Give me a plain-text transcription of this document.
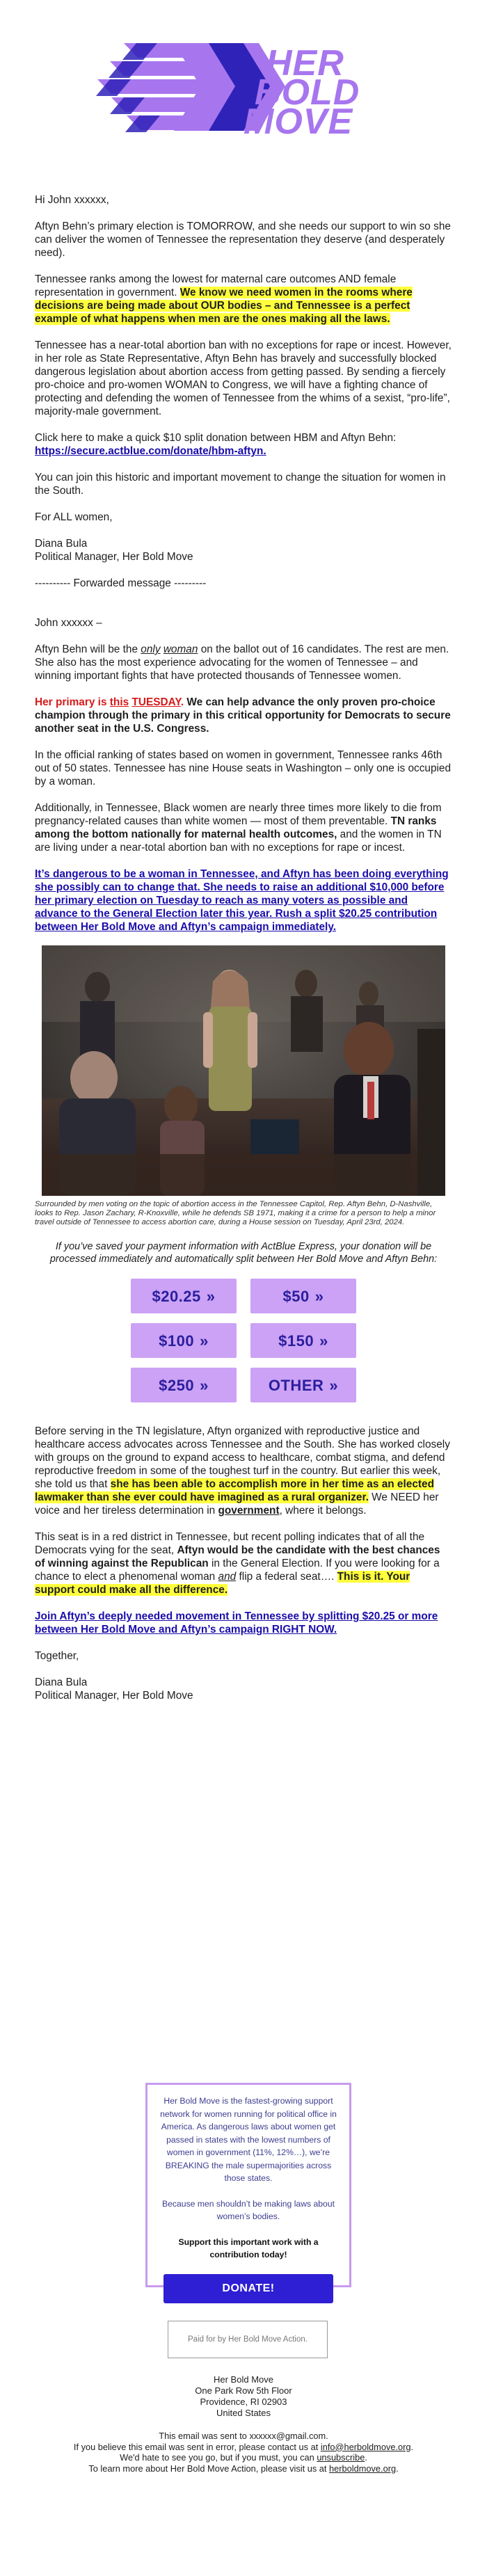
HER
BOLD
MOVE

Hi John xxxxxx,

Aftyn Behn’s primary election is TOMORROW, and she needs our support to win so she can deliver the women of Tennessee the representation they deserve (and desperately need).

Tennessee ranks among the lowest for maternal care outcomes AND female representation in government. We know we need women in the rooms where decisions are being made about OUR bodies – and Tennessee is a perfect example of what happens when men are the ones making all the laws.

Tennessee has a near-total abortion ban with no exceptions for rape or incest. However, in her role as State Representative, Aftyn Behn has bravely and successfully blocked dangerous legislation about abortion access from getting passed. By sending a fiercely pro-choice and pro-women WOMAN to Congress, we will have a fighting chance of protecting and defending the women of Tennessee from the whims of a sexist, “pro-life”, majority-male government.

Click here to make a quick $10 split donation between HBM and Aftyn Behn: https://secure.actblue.com/donate/hbm-aftyn.

You can join this historic and important movement to change the situation for women in the South.

For ALL women,

Diana Bula

Political Manager, Her Bold Move

---------- Forwarded message ---------

John xxxxxx –

Aftyn Behn will be the only woman on the ballot out of 16 candidates. The rest are men. She also has the most experience advocating for the women of Tennessee – and winning important fights that have protected thousands of Tennessee women.

Her primary is this TUESDAY. We can help advance the only proven pro-choice champion through the primary in this critical opportunity for Democrats to secure another seat in the U.S. Congress.

In the official ranking of states based on women in government, Tennessee ranks 46th out of 50 states. Tennessee has nine House seats in Washington – only one is occupied by a woman.

Additionally, in Tennessee, Black women are nearly three times more likely to die from pregnancy-related causes than white women — most of them preventable. TN ranks among the bottom nationally for maternal health outcomes, and the women in TN are living under a near-total abortion ban with no exceptions for rape or incest.

It’s dangerous to be a woman in Tennessee, and Aftyn has been doing everything she possibly can to change that. She needs to raise an additional $10,000 before her primary election on Tuesday to reach as many voters as possible and advance to the General Election later this year. Rush a split $20.25 contribution between Her Bold Move and Aftyn’s campaign immediately.

Surrounded by men voting on the topic of abortion access in the Tennessee Capitol, Rep. Aftyn Behn, D-Nashville, looks to Rep. Jason Zachary, R-Knoxville, while he defends SB 1971, making it a crime for a person to help a minor travel outside of Tennessee to access abortion care, during a House session on Tuesday, April 23rd, 2024.

If you’ve saved your payment information with ActBlue Express, your donation will be processed immediately and automatically split between Her Bold Move and Aftyn Behn:

$20.25 »	$50 »
$100 »	$150 »
$250 »	OTHER »

Before serving in the TN legislature, Aftyn organized with reproductive justice and healthcare access advocates across Tennessee and the South. She has worked closely with groups on the ground to expand access to healthcare, combat stigma, and defend reproductive freedom in some of the toughest turf in the country. But earlier this week, she told us that she has been able to accomplish more in her time as an elected lawmaker than she ever could have imagined as a rural organizer. We NEED her voice and her tireless determination in government, where it belongs.

This seat is in a red district in Tennessee, but recent polling indicates that of all the Democrats vying for the seat, Aftyn would be the candidate with the best chances of winning against the Republican in the General Election. If you were looking for a chance to elect a phenomenal woman and flip a federal seat…. This is it. Your support could make all the difference.

Join Aftyn’s deeply needed movement in Tennessee by splitting $20.25 or more between Her Bold Move and Aftyn’s campaign RIGHT NOW.

Together,

Diana Bula

Political Manager, Her Bold Move

Her Bold Move is the fastest-growing support network for women running for political office in America. As dangerous laws about women get passed in states with the lowest numbers of women in government (11%, 12%…), we’re BREAKING the male supermajorities across those states.

Because men shouldn’t be making laws about women’s bodies.

Support this important work with a contribution today!

DONATE!
Paid for by Her Bold Move Action.

Her Bold Move

One Park Row 5th Floor

Providence, RI 02903

United States

This email was sent to xxxxxx@gmail.com.

If you believe this email was sent in error, please contact us at info@herboldmove.org.

We'd hate to see you go, but if you must, you can unsubscribe.

To learn more about Her Bold Move Action, please visit us at herboldmove.org.
